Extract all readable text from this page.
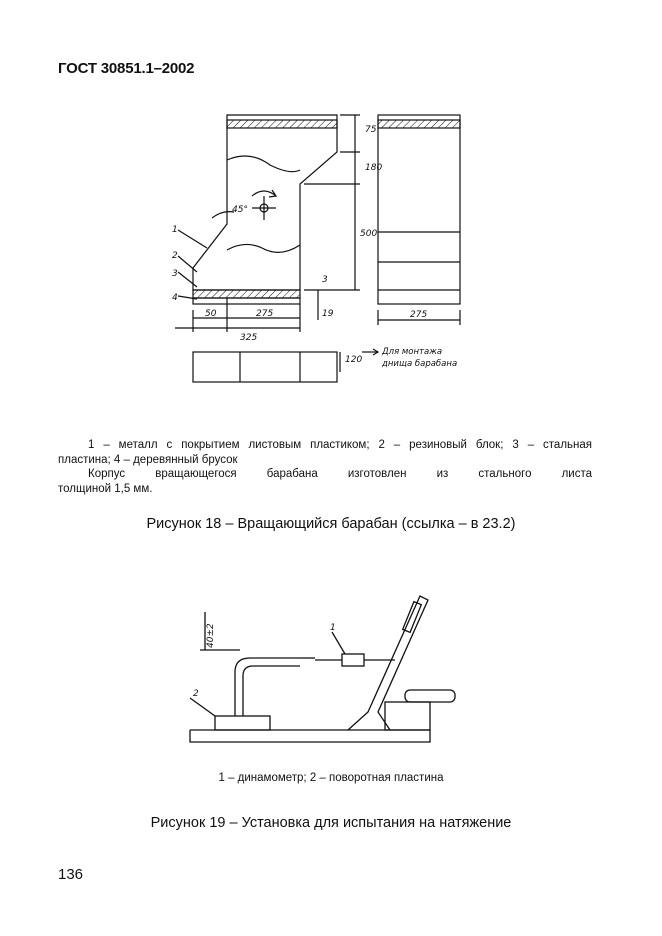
ГОСТ 30851.1–2002
1
2
3
4
45°
75
180
500
3
19
50	275
325
275
120
Для монтажа
днища барабана
1 – металл с покрытием листовым пластиком; 2 – резиновый блок; 3 – стальная
пластина; 4 – деревянный брусок
Корпус вращающегося барабана изготовлен из стального листа
толщиной 1,5 мм.
Рисунок 18 – Вращающийся барабан (ссылка – в 23.2)
2
1
40±2
1 – динамометр; 2 – поворотная пластина
Рисунок 19 – Установка для испытания на натяжение
136
